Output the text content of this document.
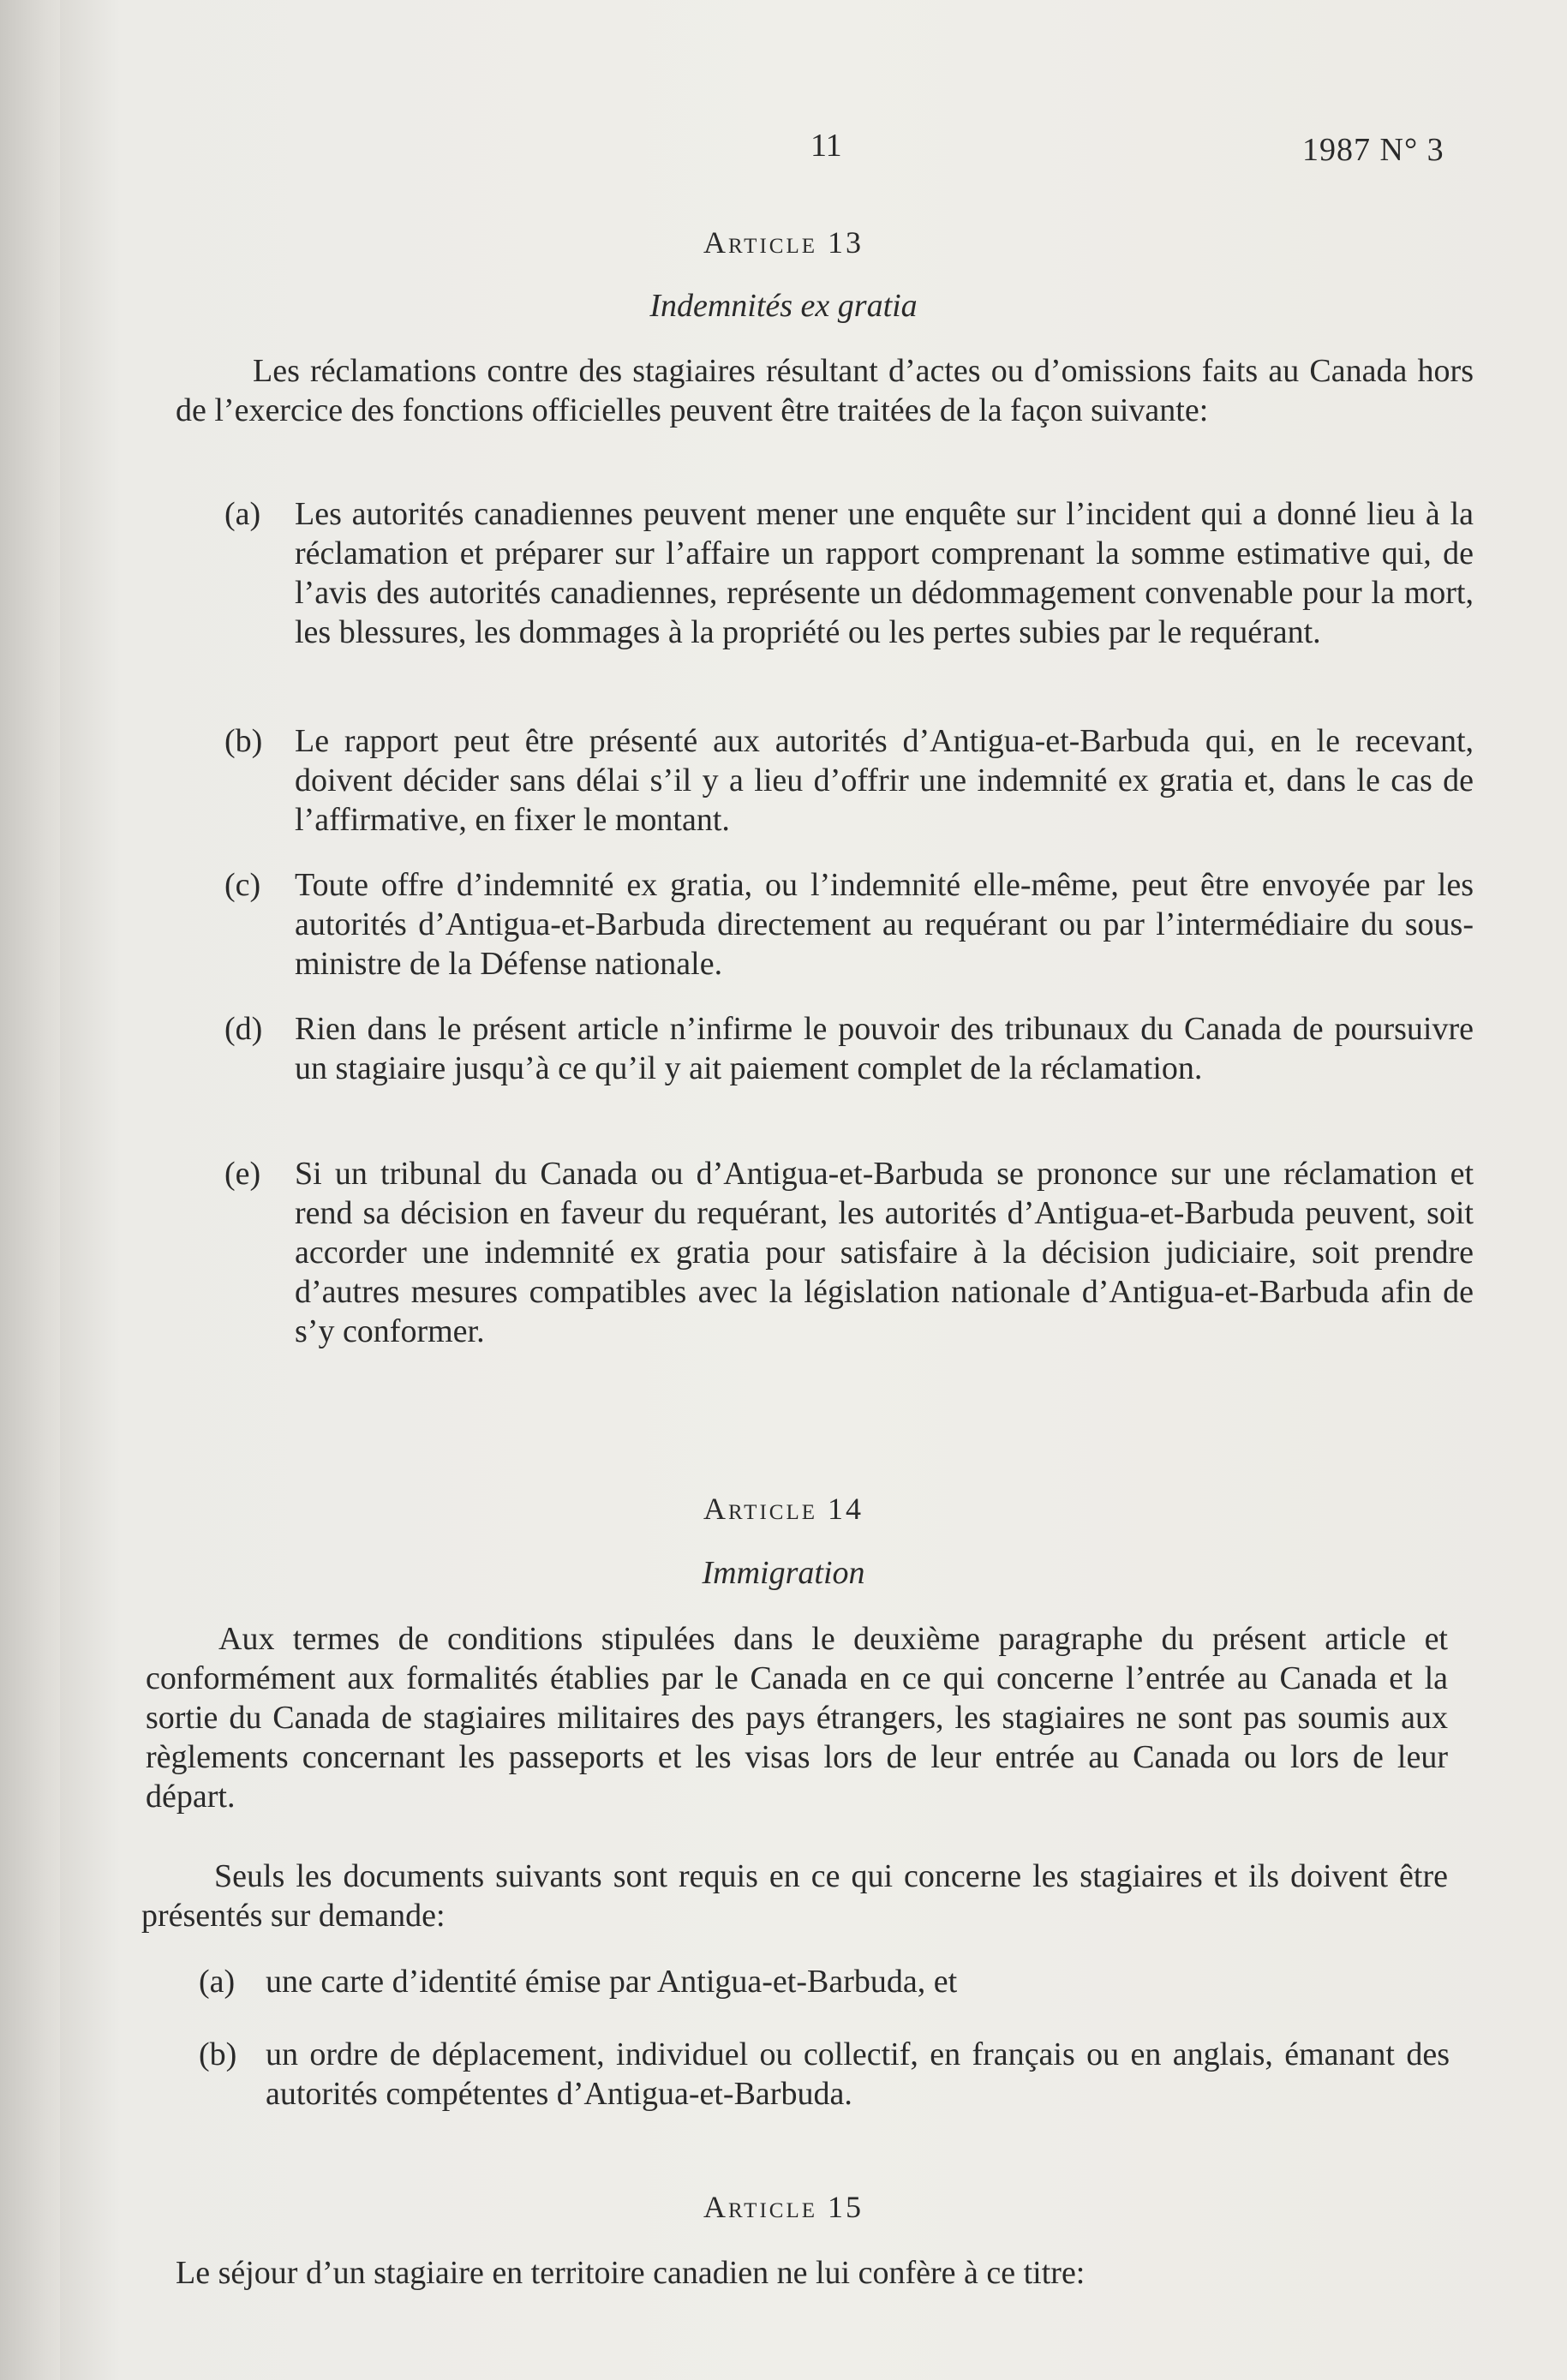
11	1987 N° 3
Article 13
Indemnités ex gratia

Les réclamations contre des stagiaires résultant d’actes ou d’omissions faits au Canada hors de l’exercice des fonctions officielles peuvent être traitées de la façon suivante:

(a)	Les autorités canadiennes peuvent mener une enquête sur l’incident qui a donné lieu à la réclamation et préparer sur l’affaire un rapport comprenant la somme estimative qui, de l’avis des autorités canadiennes, représente un dédommagement convenable pour la mort, les blessures, les dommages à la propriété ou les pertes subies par le requérant.

(b) Le rapport peut être présenté aux autorités d’Antigua-et-Barbuda qui, en le recevant, doivent décider sans délai s’il y a lieu d’offrir une indemnité ex gratia et, dans le cas de l’affirmative, en fixer le montant.

(c)	Toute offre d’indemnité ex gratia, ou l’indemnité elle-même, peut être envoyée par les autorités d’Antigua-et-Barbuda directement au requérant ou par l’intermédiaire du sous-ministre de la Défense nationale.

(d) Rien dans le présent article n’infirme le pouvoir des tribunaux du Canada de poursuivre un stagiaire jusqu’à ce qu’il y ait paiement complet de la réclamation.

(e)	Si un tribunal du Canada ou d’Antigua-et-Barbuda se prononce sur une réclamation et rend sa décision en faveur du requérant, les autorités d’Antigua-et-Barbuda peuvent, soit accorder une indemnité ex gratia pour satisfaire à la décision judiciaire, soit prendre d’autres mesures compatibles avec la législation nationale d’Antigua-et-Barbuda afin de s’y conformer.

Article 14
Immigration

Aux termes de conditions stipulées dans le deuxième paragraphe du présent article et conformément aux formalités établies par le Canada en ce qui concerne l’entrée au Canada et la sortie du Canada de stagiaires militaires des pays étrangers, les stagiaires ne sont pas soumis aux règlements concernant les passeports et les visas lors de leur entrée au Canada ou lors de leur départ.

Seuls les documents suivants sont requis en ce qui concerne les stagiaires et ils doivent être présentés sur demande:

(a) une carte d’identité émise par Antigua-et-Barbuda, et

(b) un ordre de déplacement, individuel ou collectif, en français ou en anglais, émanant des autorités compétentes d’Antigua-et-Barbuda.

Article 15

Le séjour d’un stagiaire en territoire canadien ne lui confère à ce titre:
